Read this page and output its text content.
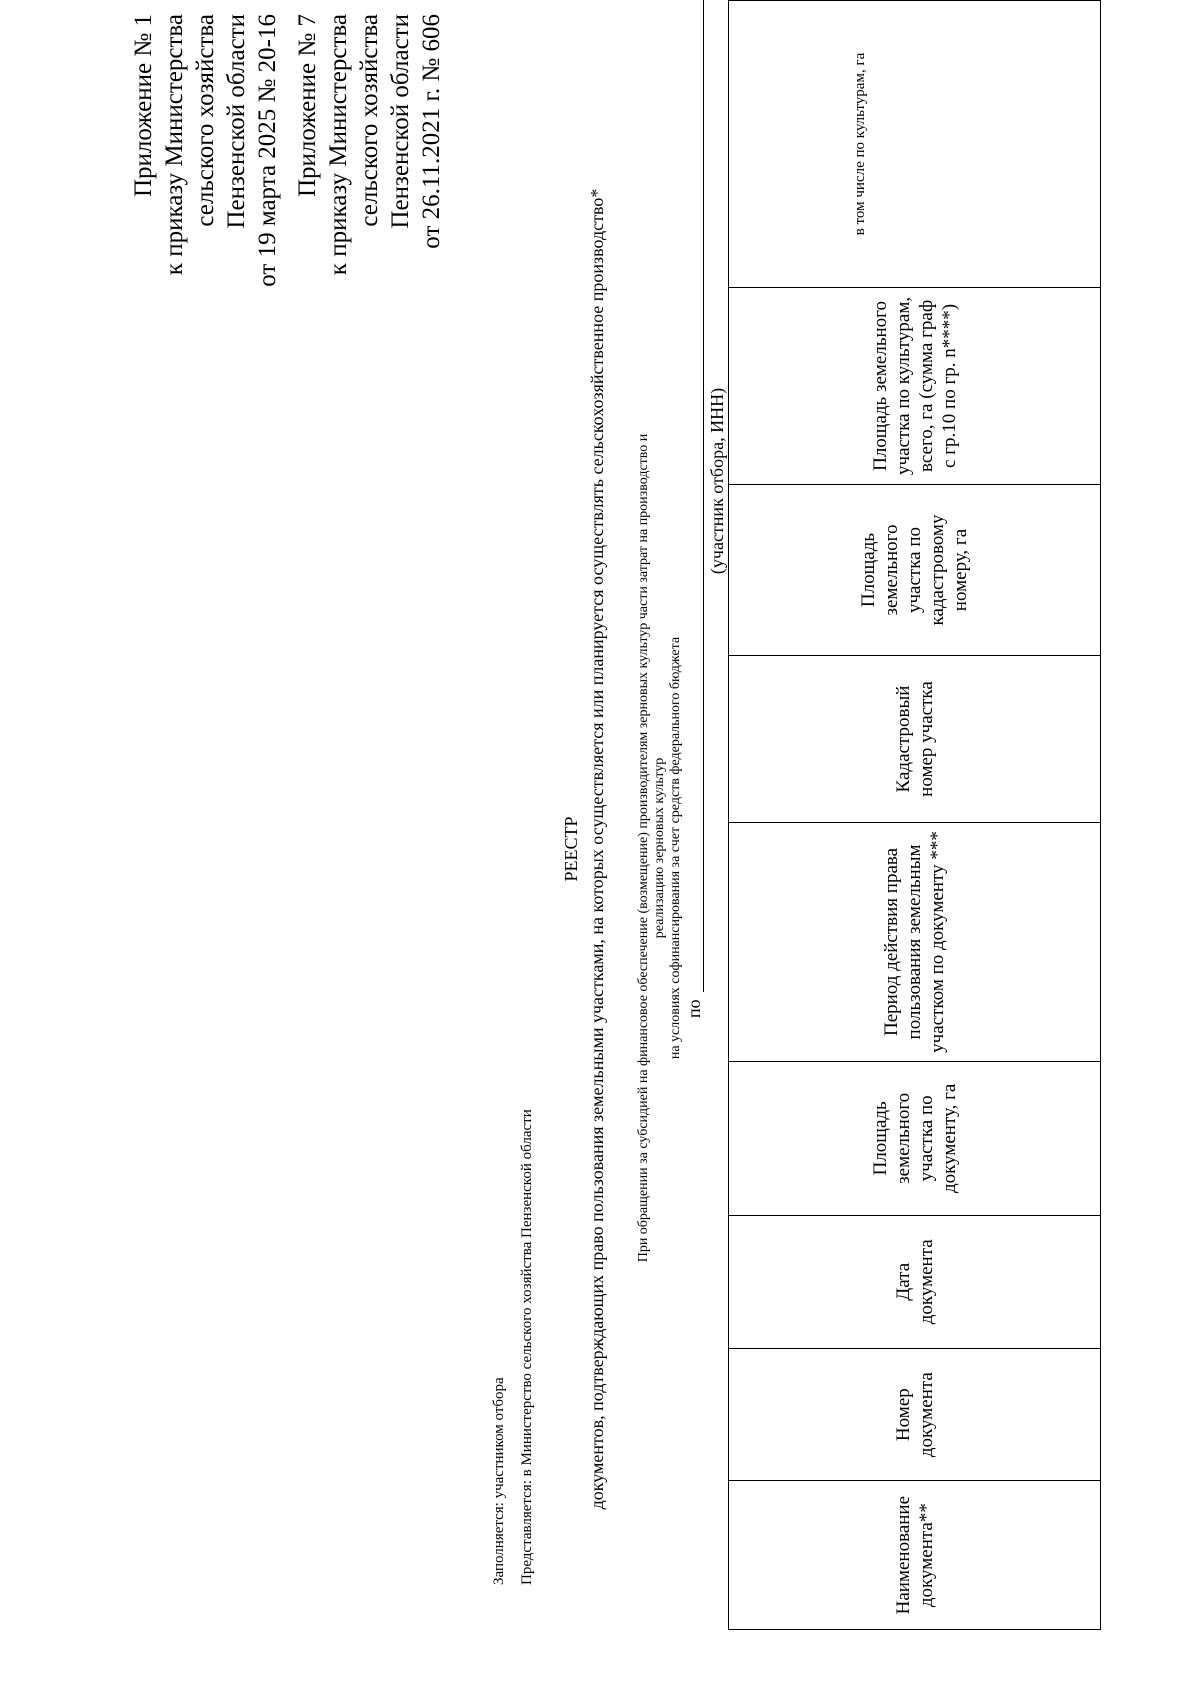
Приложение № 1 к приказу Министерства сельского хозяйства Пензенской области от 19 марта 2025 № 20-16 Приложение № 7 к приказу Министерства сельского хозяйства Пензенской области от 26.11.2021 г. № 606
Заполняется: участником отбора Представляется: в Министерство сельского хозяйства Пензенской области
РЕЕСТР документов, подтверждающих право пользования земельными участками, на которых осуществляется или планируется осуществлять сельскохозяйственное производство* При обращении за субсидией на финансовое обеспечение (возмещение) производителям зерновых культур части затрат на производство и реализацию зерновых культур на условиях софинансирования за счет средств федерального бюджета по
(участник отбора, ИНН)
Наименование документа**	Номер документа	Дата документа	Площадь земельного участка по документу, га	Период действия права пользования земельным участком по документу ***	Кадастровый номер участка	Площадь земельного участка по кадастровому номеру, га	Площадь земельного участка по культурам, всего, га (сумма граф с гр.10 по гр. n****)	в том числе по культурам, га
